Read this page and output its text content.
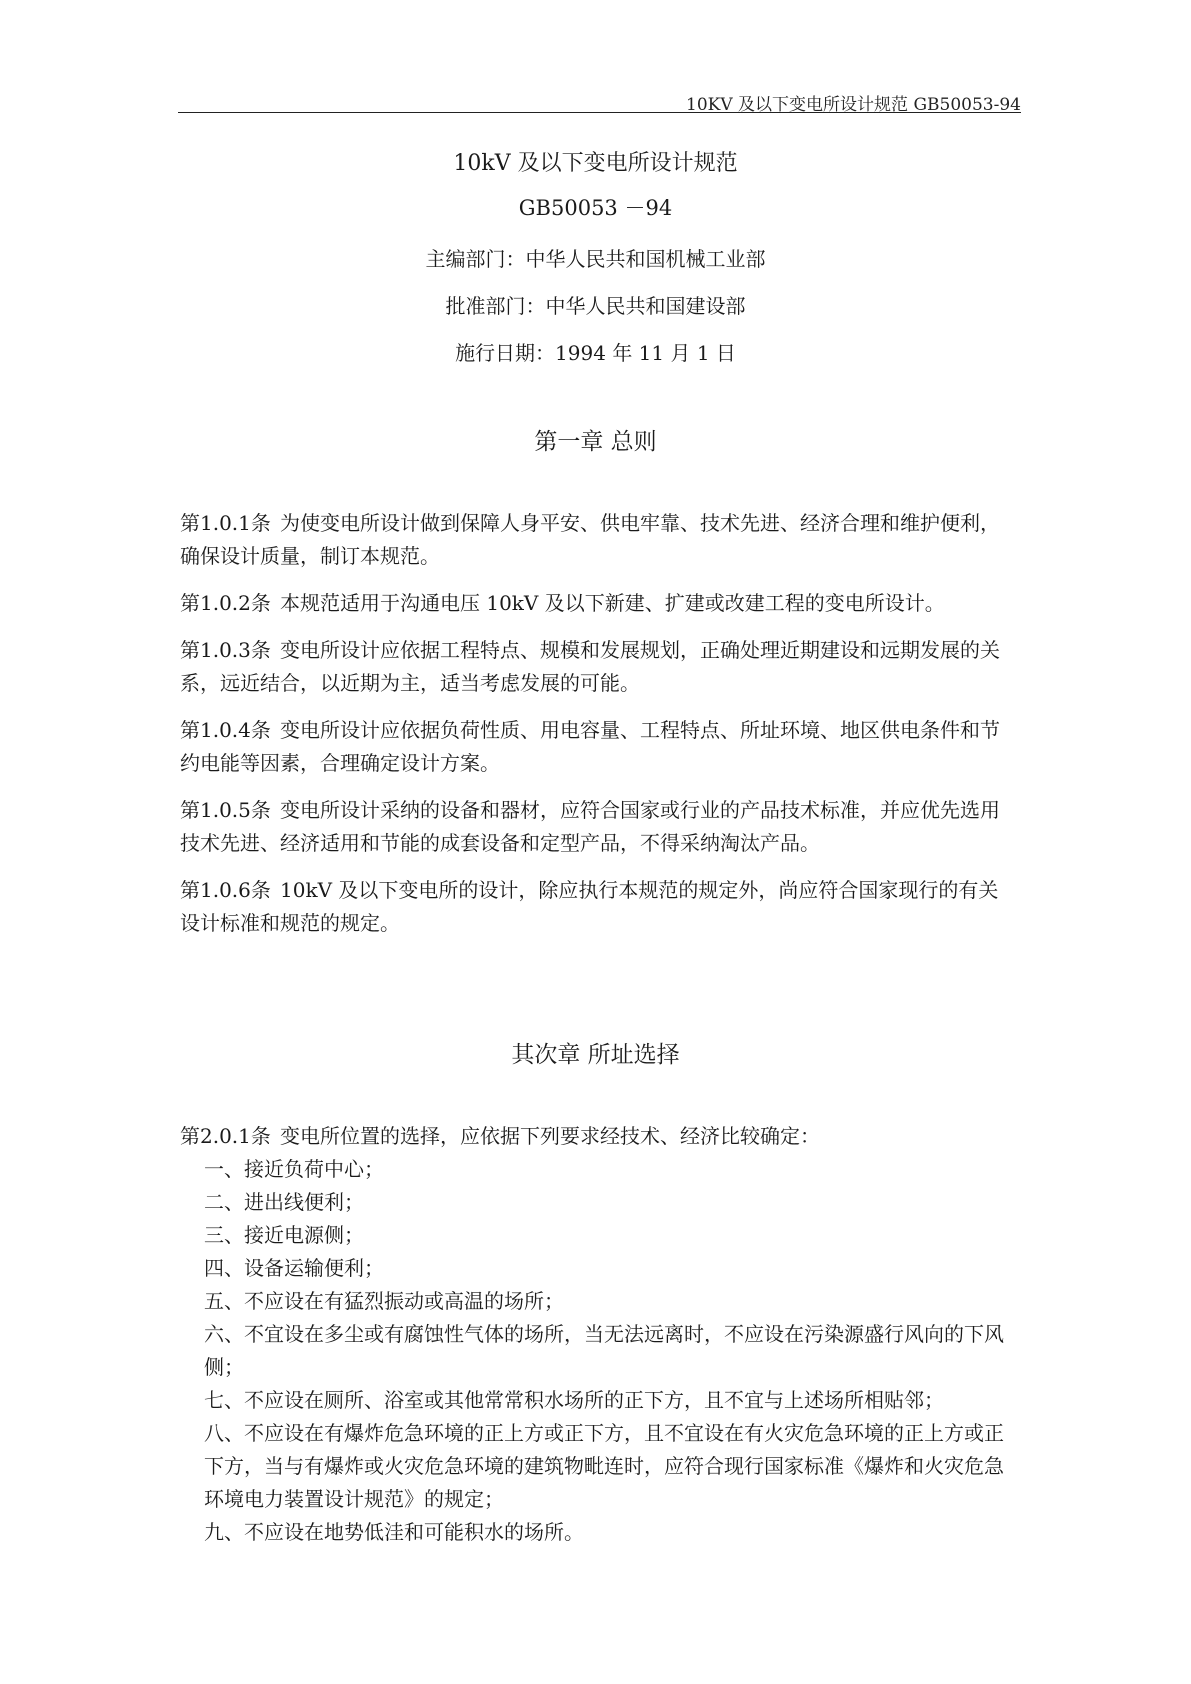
10KV 及以下变电所设计规范 GB50053-94
10kV 及以下变电所设计规范
GB50053 －94
主编部门：中华人民共和国机械工业部
批准部门：中华人民共和国建设部
施行日期：1994 年 11 月 1 日
第一章 总则

第1.0.1条 为使变电所设计做到保障人身平安、供电牢靠、技术先进、经济合理和维护便利，确保设计质量，制订本规范。

第1.0.2条 本规范适用于沟通电压 10kV 及以下新建、扩建或改建工程的变电所设计。

第1.0.3条 变电所设计应依据工程特点、规模和发展规划，正确处理近期建设和远期发展的关系，远近结合，以近期为主，适当考虑发展的可能。

第1.0.4条 变电所设计应依据负荷性质、用电容量、工程特点、所址环境、地区供电条件和节约电能等因素，合理确定设计方案。

第1.0.5条 变电所设计采纳的设备和器材，应符合国家或行业的产品技术标准，并应优先选用技术先进、经济适用和节能的成套设备和定型产品，不得采纳淘汰产品。

第1.0.6条 10kV 及以下变电所的设计，除应执行本规范的规定外，尚应符合国家现行的有关设计标准和规范的规定。

其次章 所址选择

第2.0.1条 变电所位置的选择，应依据下列要求经技术、经济比较确定：

一、接近负荷中心；

二、进出线便利；

三、接近电源侧；

四、设备运输便利；

五、不应设在有猛烈振动或高温的场所；

六、不宜设在多尘或有腐蚀性气体的场所，当无法远离时，不应设在污染源盛行风向的下风侧；

七、不应设在厕所、浴室或其他常常积水场所的正下方，且不宜与上述场所相贴邻；

八、不应设在有爆炸危急环境的正上方或正下方，且不宜设在有火灾危急环境的正上方或正下方，当与有爆炸或火灾危急环境的建筑物毗连时，应符合现行国家标准《爆炸和火灾危急环境电力装置设计规范》的规定；

九、不应设在地势低洼和可能积水的场所。
